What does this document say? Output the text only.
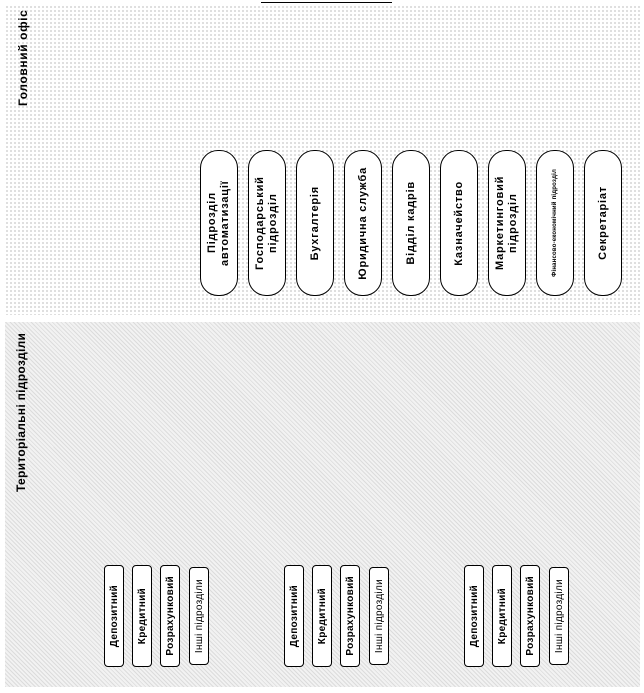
Головний офіс
Територіальні підрозділи
Підрозділ автоматизації Господарський підрозділ	Бухгалтерія	Юридична служба	Відділ кадрів	Казначейство	Маркетинговий підрозділ	Фінансово-економічний підрозділ	Секретаріат
Депозитний Кредитний Розрахунковий Інші підрозділи	Депозитний Кредитний Розрахунковий Інші підрозділи	Депозитний Кредитний Розрахунковий Інші підрозділи
